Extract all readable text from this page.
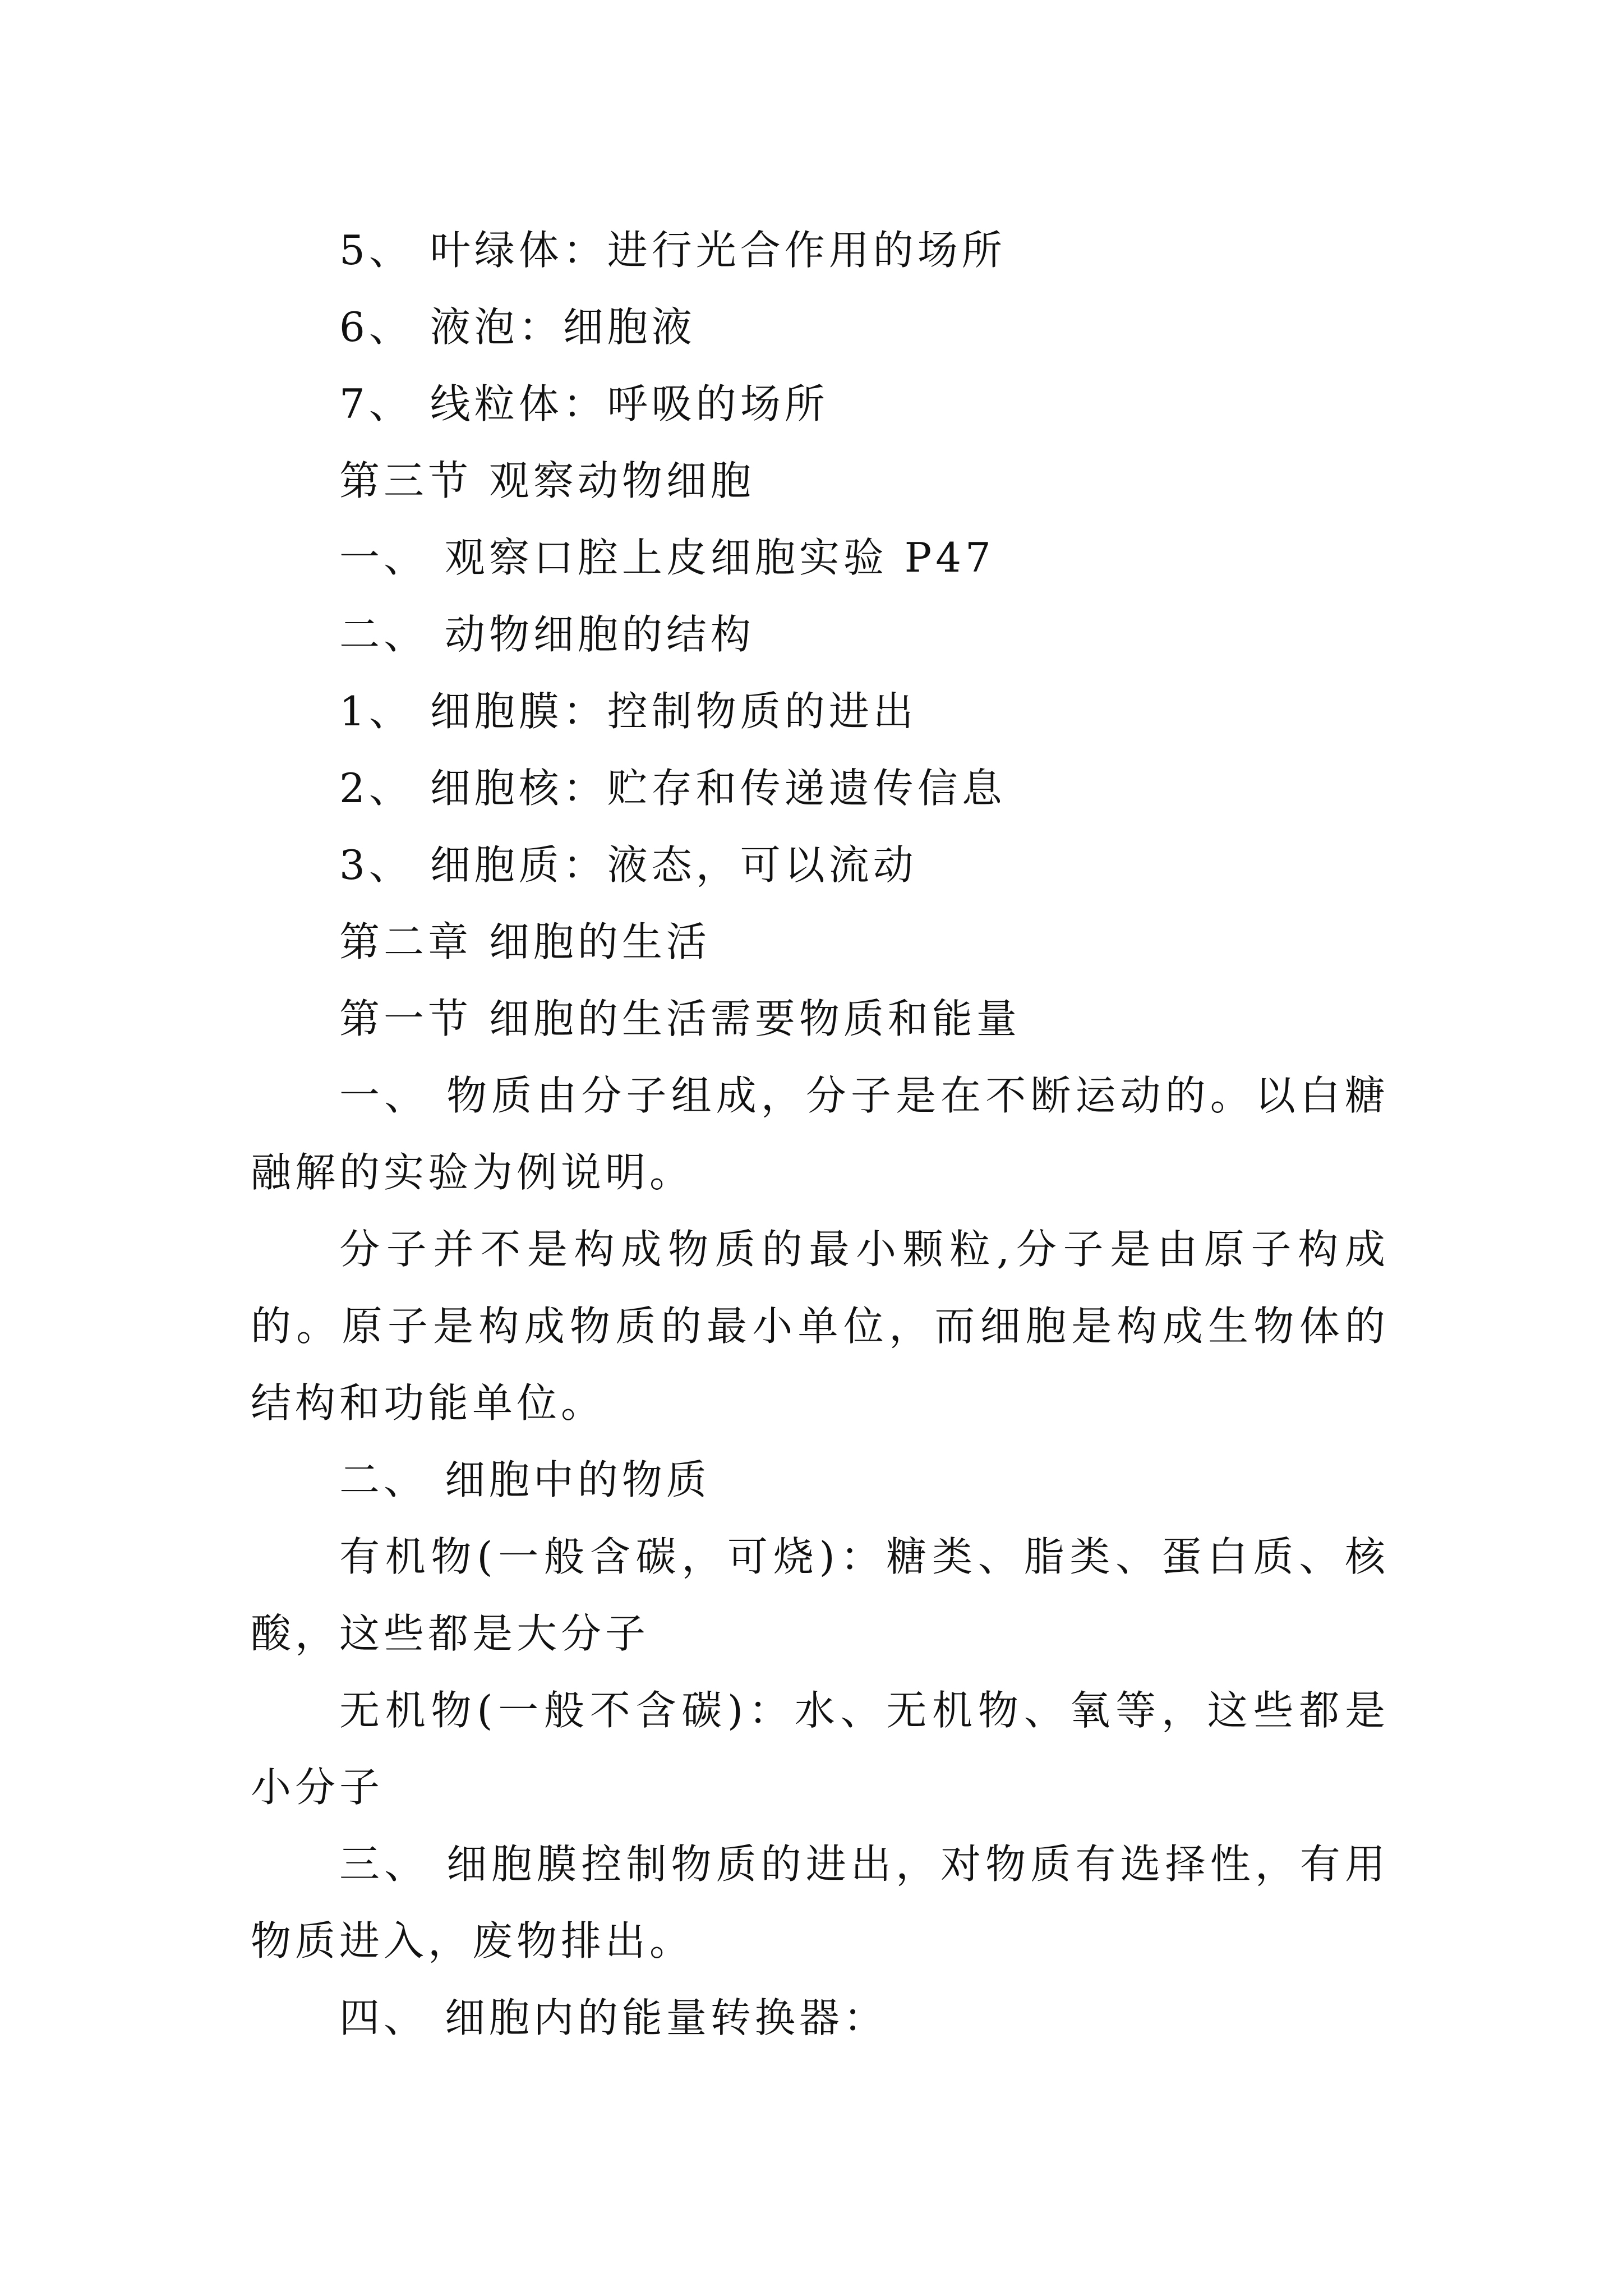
5、 叶绿体：进行光合作用的场所

6、 液泡：细胞液

7、 线粒体：呼吸的场所

第三节 观察动物细胞

一、 观察口腔上皮细胞实验 P47

二、 动物细胞的结构

1、 细胞膜：控制物质的进出

2、 细胞核：贮存和传递遗传信息

3、 细胞质：液态，可以流动

第二章 细胞的生活

第一节 细胞的生活需要物质和能量

一、 物质由分子组成，分子是在不断运动的。以白糖融解的实验为例说明。

分子并不是构成物质的最小颗粒,分子是由原子构成的。原子是构成物质的最小单位，而细胞是构成生物体的结构和功能单位。

二、 细胞中的物质

有机物(一般含碳，可烧)：糖类、脂类、蛋白质、核酸，这些都是大分子

无机物(一般不含碳)：水、无机物、氧等，这些都是小分子

三、 细胞膜控制物质的进出，对物质有选择性，有用物质进入，废物排出。

四、 细胞内的能量转换器：
